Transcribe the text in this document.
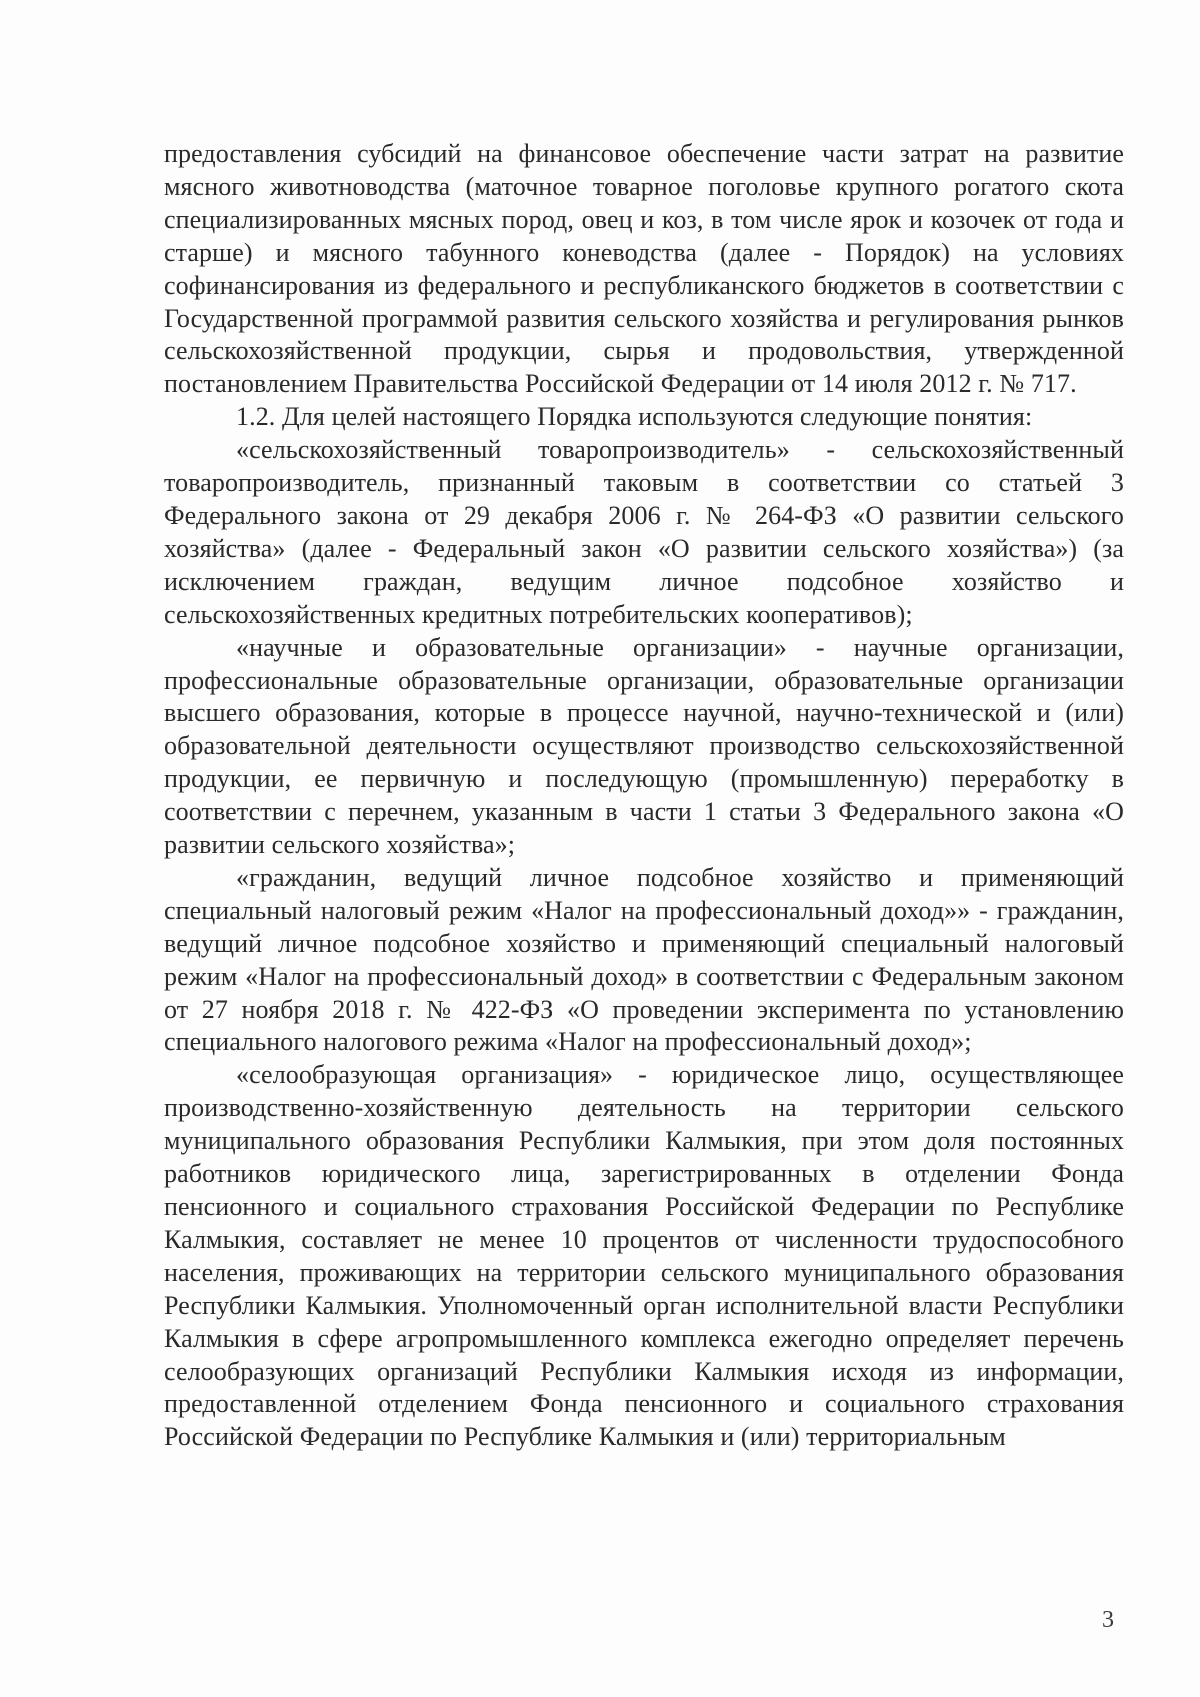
предоставления субсидий на финансовое обеспечение части затрат на развитие мясного животноводства (маточное товарное поголовье крупного рогатого скота специализированных мясных пород, овец и коз, в том числе ярок и козочек от года и старше) и мясного табунного коневодства (далее - Порядок) на условиях софинансирования из федерального и республиканского бюджетов в соответствии с Государственной программой развития сельского хозяйства и регулирования рынков сельскохозяйственной продукции, сырья и продовольствия, утвержденной постановлением Правительства Российской Федерации от 14 июля 2012 г. № 717.

1.2. Для целей настоящего Порядка используются следующие понятия:

«сельскохозяйственный товаропроизводитель» - сельскохозяйственный товаропроизводитель, признанный таковым в соответствии со статьей 3 Федерального закона от 29 декабря 2006 г. № 264-ФЗ «О развитии сельского хозяйства» (далее - Федеральный закон «О развитии сельского хозяйства») (за исключением граждан, ведущим личное подсобное хозяйство и сельскохозяйственных кредитных потребительских кооперативов);

«научные и образовательные организации» - научные организации, профессиональные образовательные организации, образовательные организации высшего образования, которые в процессе научной, научно-технической и (или) образовательной деятельности осуществляют производство сельскохозяйственной продукции, ее первичную и последующую (промышленную) переработку в соответствии с перечнем, указанным в части 1 статьи 3 Федерального закона «О развитии сельского хозяйства»;

«гражданин, ведущий личное подсобное хозяйство и применяющий специальный налоговый режим «Налог на профессиональный доход»» - гражданин, ведущий личное подсобное хозяйство и применяющий специальный налоговый режим «Налог на профессиональный доход» в соответствии с Федеральным законом от 27 ноября 2018 г. № 422-ФЗ «О проведении эксперимента по установлению специального налогового режима «Налог на профессиональный доход»;

«селообразующая организация» - юридическое лицо, осуществляющее производственно-хозяйственную деятельность на территории сельского муниципального образования Республики Калмыкия, при этом доля постоянных работников юридического лица, зарегистрированных в отделении Фонда пенсионного и социального страхования Российской Федерации по Республике Калмыкия, составляет не менее 10 процентов от численности трудоспособного населения, проживающих на территории сельского муниципального образования Республики Калмыкия. Уполномоченный орган исполнительной власти Республики Калмыкия в сфере агропромышленного комплекса ежегодно определяет перечень селообразующих организаций Республики Калмыкия исходя из информации, предоставленной отделением Фонда пенсионного и социального страхования Российской Федерации по Республике Калмыкия и (или) территориальным

3
